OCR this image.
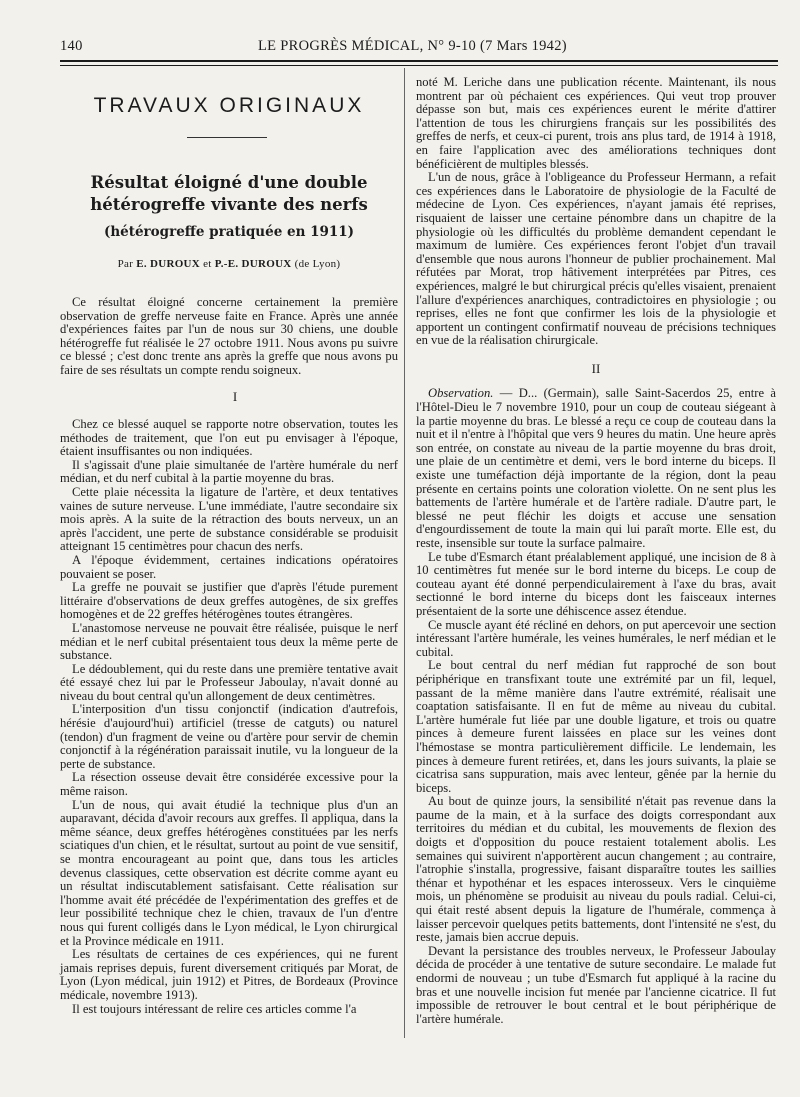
140	LE PROGRÈS MÉDICAL, N° 9-10 (7 Mars 1942)
TRAVAUX ORIGINAUX
Résultat éloigné d'une double hétérogreffe vivante des nerfs
(hétérogreffe pratiquée en 1911)
Par E. DUROUX et P.-E. DUROUX (de Lyon)

Ce résultat éloigné concerne certainement la première observation de greffe nerveuse faite en France. Après une année d'expériences faites par l'un de nous sur 30 chiens, une double hétérogreffe fut réalisée le 27 octobre 1911. Nous avons pu suivre ce blessé ; c'est donc trente ans après la greffe que nous avons pu faire de ses résultats un compte rendu soigneux.

I

Chez ce blessé auquel se rapporte notre observation, toutes les méthodes de traitement, que l'on eut pu envisager à l'époque, étaient insuffisantes ou non indiquées.

Il s'agissait d'une plaie simultanée de l'artère humérale du nerf médian, et du nerf cubital à la partie moyenne du bras.

Cette plaie nécessita la ligature de l'artère, et deux tentatives vaines de suture nerveuse. L'une immédiate, l'autre secondaire six mois après. A la suite de la rétraction des bouts nerveux, un an après l'accident, une perte de substance considérable se produisit atteignant 15 centimètres pour chacun des nerfs.

A l'époque évidemment, certaines indications opératoires pouvaient se poser.

La greffe ne pouvait se justifier que d'après l'étude purement littéraire d'observations de deux greffes autogènes, de six greffes homogènes et de 22 greffes hétérogènes toutes étrangères.

L'anastomose nerveuse ne pouvait être réalisée, puisque le nerf médian et le nerf cubital présentaient tous deux la même perte de substance.

Le dédoublement, qui du reste dans une première tentative avait été essayé chez lui par le Professeur Jaboulay, n'avait donné au niveau du bout central qu'un allongement de deux centimètres.

L'interposition d'un tissu conjonctif (indication d'autrefois, hérésie d'aujourd'hui) artificiel (tresse de catguts) ou naturel (tendon) d'un fragment de veine ou d'artère pour servir de chemin conjonctif à la régénération paraissait inutile, vu la longueur de la perte de substance.

La résection osseuse devait être considérée excessive pour la même raison.

L'un de nous, qui avait étudié la technique plus d'un an auparavant, décida d'avoir recours aux greffes. Il appliqua, dans la même séance, deux greffes hétérogènes constituées par les nerfs sciatiques d'un chien, et le résultat, surtout au point de vue sensitif, se montra encourageant au point que, dans tous les articles devenus classiques, cette observation est décrite comme ayant eu un résultat indiscutablement satisfaisant. Cette réalisation sur l'homme avait été précédée de l'expérimentation des greffes et de leur possibilité technique chez le chien, travaux de l'un d'entre nous qui furent colligés dans le Lyon médical, le Lyon chirurgical et la Province médicale en 1911.

Les résultats de certaines de ces expériences, qui ne furent jamais reprises depuis, furent diversement critiqués par Morat, de Lyon (Lyon médical, juin 1912) et Pitres, de Bordeaux (Province médicale, novembre 1913).

Il est toujours intéressant de relire ces articles comme l'a

noté M. Leriche dans une publication récente. Maintenant, ils nous montrent par où péchaient ces expériences. Qui veut trop prouver dépasse son but, mais ces expériences eurent le mérite d'attirer l'attention de tous les chirurgiens français sur les possibilités des greffes de nerfs, et ceux-ci purent, trois ans plus tard, de 1914 à 1918, en faire l'application avec des améliorations techniques dont bénéficièrent de multiples blessés.

L'un de nous, grâce à l'obligeance du Professeur Hermann, a refait ces expériences dans le Laboratoire de physiologie de la Faculté de médecine de Lyon. Ces expériences, n'ayant jamais été reprises, risquaient de laisser une certaine pénombre dans un chapitre de la physiologie où les difficultés du problème demandent cependant le maximum de lumière. Ces expériences feront l'objet d'un travail d'ensemble que nous aurons l'honneur de publier prochainement. Mal réfutées par Morat, trop hâtivement interprétées par Pitres, ces expériences, malgré le but chirurgical précis qu'elles visaient, prenaient l'allure d'expériences anarchiques, contradictoires en physiologie ; ou reprises, elles ne font que confirmer les lois de la physiologie et apportent un contingent confirmatif nouveau de précisions techniques en vue de la réalisation chirurgicale.

II

Observation. — D... (Germain), salle Saint-Sacerdos 25, entre à l'Hôtel-Dieu le 7 novembre 1910, pour un coup de couteau siégeant à la partie moyenne du bras. Le blessé a reçu ce coup de couteau dans la nuit et il n'entre à l'hôpital que vers 9 heures du matin. Une heure après son entrée, on constate au niveau de la partie moyenne du bras droit, une plaie de un centimètre et demi, vers le bord interne du biceps. Il existe une tuméfaction déjà importante de la région, dont la peau présente en certains points une coloration violette. On ne sent plus les battements de l'artère humérale et de l'artère radiale. D'autre part, le blessé ne peut fléchir les doigts et accuse une sensation d'engourdissement de toute la main qui lui paraît morte. Elle est, du reste, insensible sur toute la surface palmaire.

Le tube d'Esmarch étant préalablement appliqué, une incision de 8 à 10 centimètres fut menée sur le bord interne du biceps. Le coup de couteau ayant été donné perpendiculairement à l'axe du bras, avait sectionné le bord interne du biceps dont les faisceaux internes présentaient de la sorte une déhiscence assez étendue.

Ce muscle ayant été récliné en dehors, on put apercevoir une section intéressant l'artère humérale, les veines humérales, le nerf médian et le cubital.

Le bout central du nerf médian fut rapproché de son bout périphérique en transfixant toute une extrémité par un fil, lequel, passant de la même manière dans l'autre extrémité, réalisait une coaptation satisfaisante. Il en fut de même au niveau du cubital. L'artère humérale fut liée par une double ligature, et trois ou quatre pinces à demeure furent laissées en place sur les veines dont l'hémostase se montra particulièrement difficile. Le lendemain, les pinces à demeure furent retirées, et, dans les jours suivants, la plaie se cicatrisa sans suppuration, mais avec lenteur, gênée par la hernie du biceps.

Au bout de quinze jours, la sensibilité n'était pas revenue dans la paume de la main, et à la surface des doigts correspondant aux territoires du médian et du cubital, les mouvements de flexion des doigts et d'opposition du pouce restaient totalement abolis. Les semaines qui suivirent n'apportèrent aucun changement ; au contraire, l'atrophie s'installa, progressive, faisant disparaître toutes les saillies thénar et hypothénar et les espaces interosseux. Vers le cinquième mois, un phénomène se produisit au niveau du pouls radial. Celui-ci, qui était resté absent depuis la ligature de l'humérale, commença à laisser percevoir quelques petits battements, dont l'intensité ne s'est, du reste, jamais bien accrue depuis.

Devant la persistance des troubles nerveux, le Professeur Jaboulay décida de procéder à une tentative de suture secondaire. Le malade fut endormi de nouveau ; un tube d'Esmarch fut appliqué à la racine du bras et une nouvelle incision fut menée par l'ancienne cicatrice. Il fut impossible de retrouver le bout central et le bout périphérique de l'artère humérale.
